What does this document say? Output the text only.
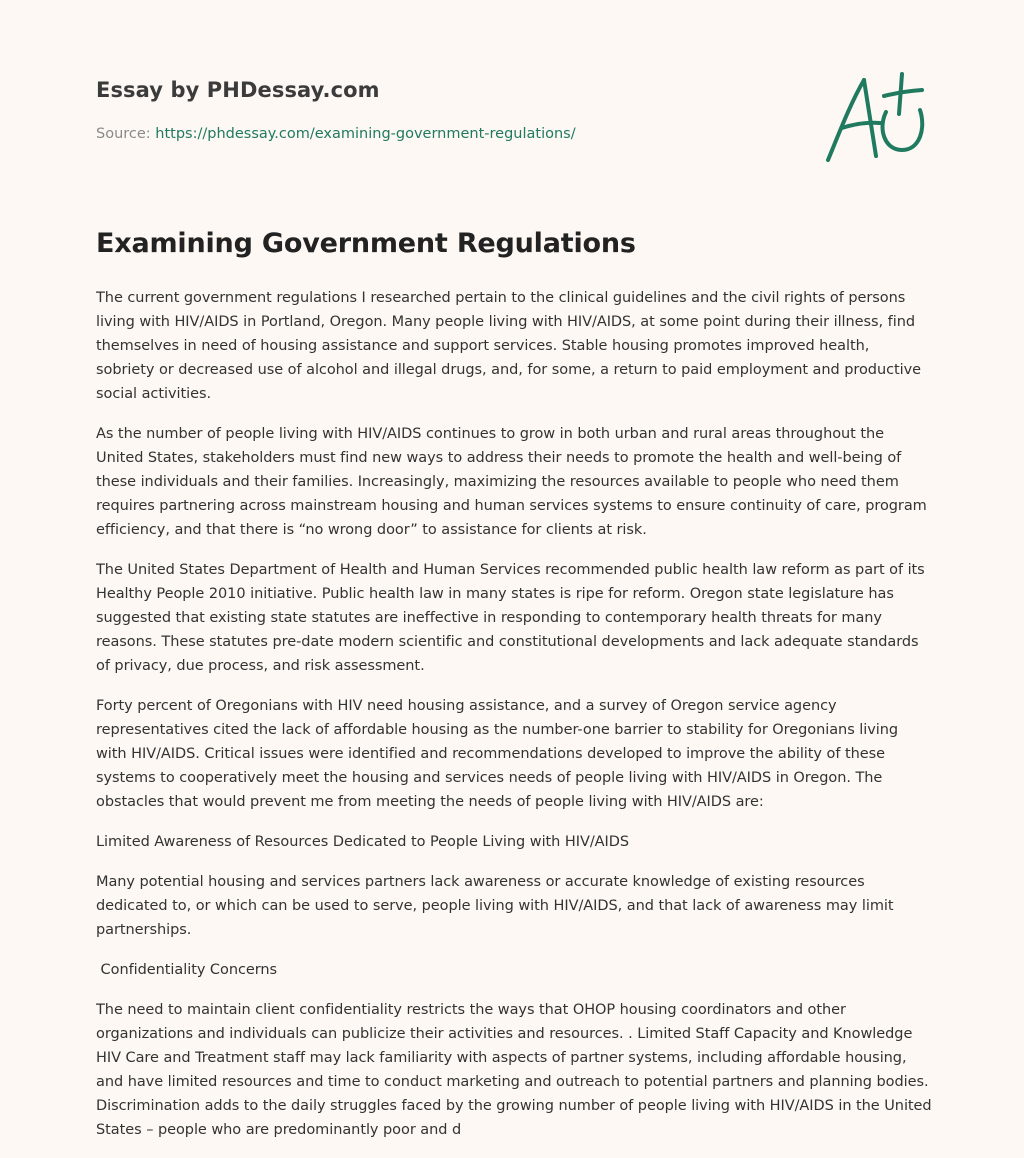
Essay by PHDessay.com
Source: https://phdessay.com/examining-government-regulations/
Examining Government Regulations

The current government regulations I researched pertain to the clinical guidelines and the civil rights of persons living with HIV/AIDS in Portland, Oregon. Many people living with HIV/AIDS, at some point during their illness, find themselves in need of housing assistance and support services. Stable housing promotes improved health, sobriety or decreased use of alcohol and illegal drugs, and, for some, a return to paid employment and productive social activities.

As the number of people living with HIV/AIDS continues to grow in both urban and rural areas throughout the United States, stakeholders must find new ways to address their needs to promote the health and well-being of these individuals and their families. Increasingly, maximizing the resources available to people who need them requires partnering across mainstream housing and human services systems to ensure continuity of care, program efficiency, and that there is “no wrong door” to assistance for clients at risk.

The United States Department of Health and Human Services recommended public health law reform as part of its Healthy People 2010 initiative. Public health law in many states is ripe for reform. Oregon state legislature has suggested that existing state statutes are ineffective in responding to contemporary health threats for many reasons. These statutes pre-date modern scientific and constitutional developments and lack adequate standards of privacy, due process, and risk assessment.

Forty percent of Oregonians with HIV need housing assistance, and a survey of Oregon service agency representatives cited the lack of affordable housing as the number-one barrier to stability for Oregonians living with HIV/AIDS. Critical issues were identified and recommendations developed to improve the ability of these systems to cooperatively meet the housing and services needs of people living with HIV/AIDS in Oregon. The obstacles that would prevent me from meeting the needs of people living with HIV/AIDS are:

Limited Awareness of Resources Dedicated to People Living with HIV/AIDS

Many potential housing and services partners lack awareness or accurate knowledge of existing resources dedicated to, or which can be used to serve, people living with HIV/AIDS, and that lack of awareness may limit partnerships.

Confidentiality Concerns

The need to maintain client confidentiality restricts the ways that OHOP housing coordinators and other organizations and individuals can publicize their activities and resources. . Limited Staff Capacity and Knowledge HIV Care and Treatment staff may lack familiarity with aspects of partner systems, including affordable housing, and have limited resources and time to conduct marketing and outreach to potential partners and planning bodies. Discrimination adds to the daily struggles faced by the growing number of people living with HIV/AIDS in the United States – people who are predominantly poor and d
